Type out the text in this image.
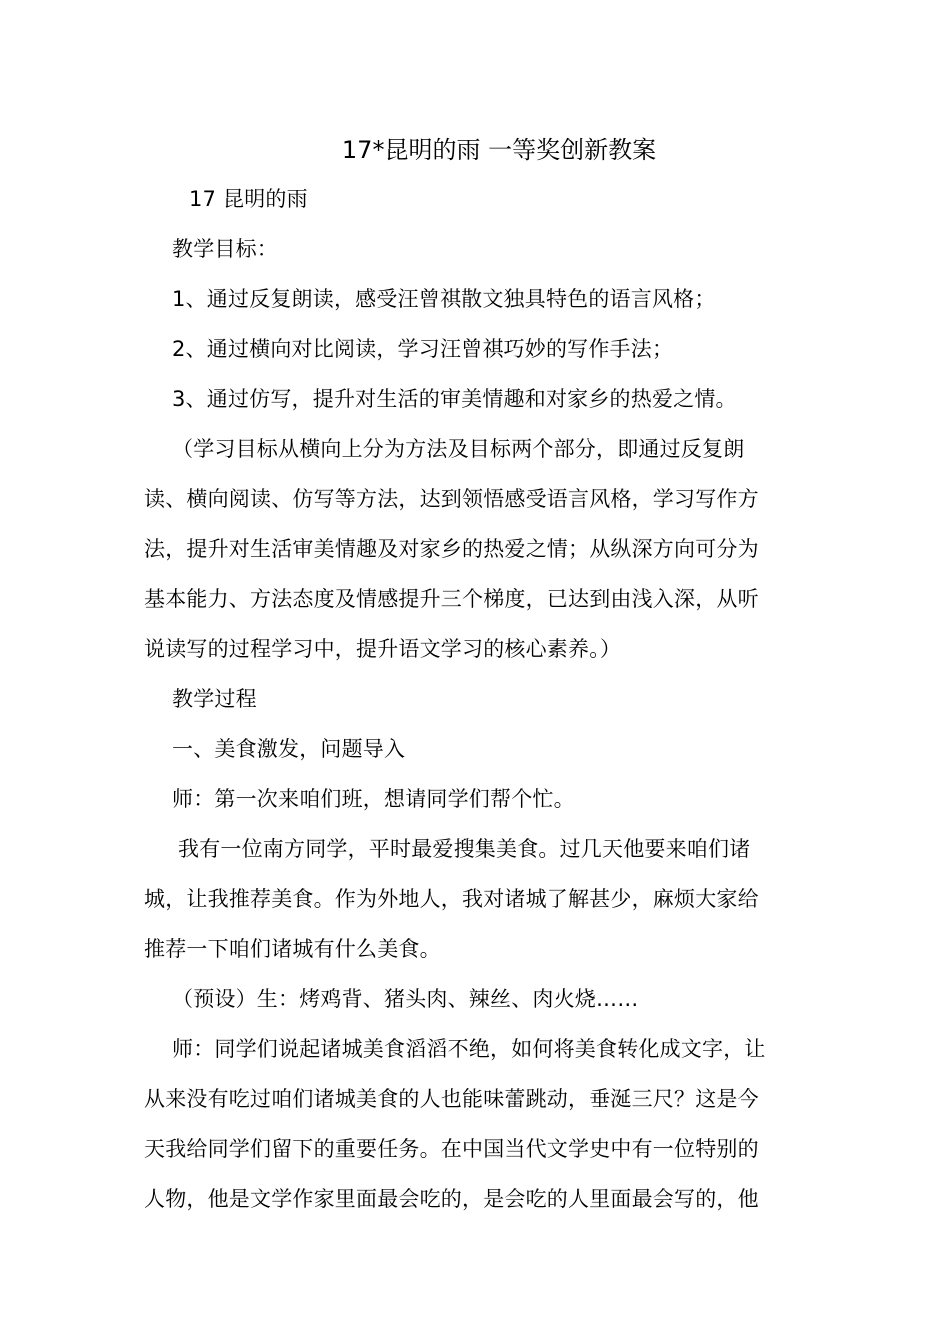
17*昆明的雨 一等奖创新教案

17 昆明的雨

教学目标：

1、通过反复朗读，感受汪曾祺散文独具特色的语言风格；

2、通过横向对比阅读，学习汪曾祺巧妙的写作手法；

3、通过仿写，提升对生活的审美情趣和对家乡的热爱之情。

（学习目标从横向上分为方法及目标两个部分，即通过反复朗

读、横向阅读、仿写等方法，达到领悟感受语言风格，学习写作方

法，提升对生活审美情趣及对家乡的热爱之情；从纵深方向可分为

基本能力、方法态度及情感提升三个梯度，已达到由浅入深，从听

说读写的过程学习中，提升语文学习的核心素养。）

教学过程

一、美食激发，问题导入

师：第一次来咱们班，想请同学们帮个忙。

我有一位南方同学，平时最爱搜集美食。过几天他要来咱们诸

城，让我推荐美食。作为外地人，我对诸城了解甚少，麻烦大家给

推荐一下咱们诸城有什么美食。

（预设）生：烤鸡背、猪头肉、辣丝、肉火烧……

师：同学们说起诸城美食滔滔不绝，如何将美食转化成文字，让

从来没有吃过咱们诸城美食的人也能味蕾跳动，垂涎三尺？这是今

天我给同学们留下的重要任务。在中国当代文学史中有一位特别的

人物，他是文学作家里面最会吃的，是会吃的人里面最会写的，他
